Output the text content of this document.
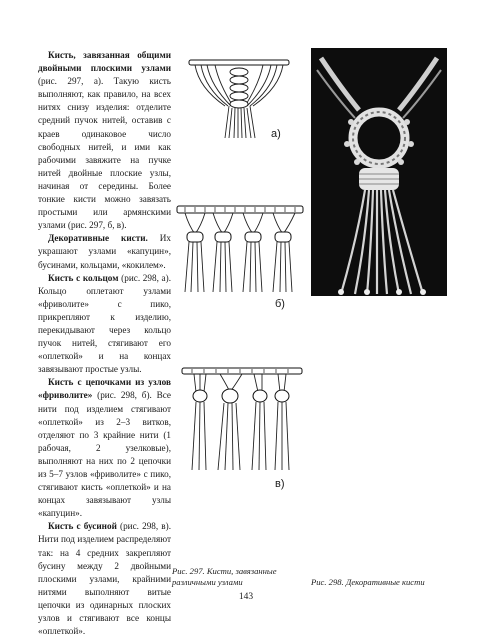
Кисть, завязанная общими двойными плоскими узлами (рис. 297, а). Такую кисть выполняют, как правило, на всех нитях снизу изделия: отделите средний пучок нитей, оставив с краев одинаковое число свободных нитей, и ими как рабочими завяжите на пучке нитей двойные плоские узлы, начиная от середины. Более тонкие кисти можно завязать простыми или армянскими узлами (рис. 297, б, в).

Декоративные кисти. Их украшают узлами «капуцин», бусинами, кольцами, «кокилем».

Кисть с кольцом (рис. 298, а). Кольцо оплетают узлами «фриволите» с пико, прикрепляют к изделию, перекидывают через кольцо пучок нитей, стягивают его «оплеткой» и на концах завязывают простые узлы.

Кисть с цепочками из узлов «фриволите» (рис. 298, б). Все нити под изделием стягивают «оплеткой» из 2–3 витков, отделяют по 3 крайние нити (1 рабочая, 2 узелковые), выполняют на них по 2 цепочки из 5–7 узлов «фриволите» с пико, стягивают кисть «оплеткой» и на концах завязывают узлы «капуцин».

Кисть с бусиной (рис. 298, в). Нити под изделием распределяют так: на 4 средних закрепляют бусину между 2 двойными плоскими узлами, крайними нитями выполняют витые цепочки из одинарных плоских узлов и стягивают все концы «оплеткой».

а)
б)
в)
Рис. 297. Кисти, завязанные различными узлами	Рис. 298. Декоративные кисти
143
